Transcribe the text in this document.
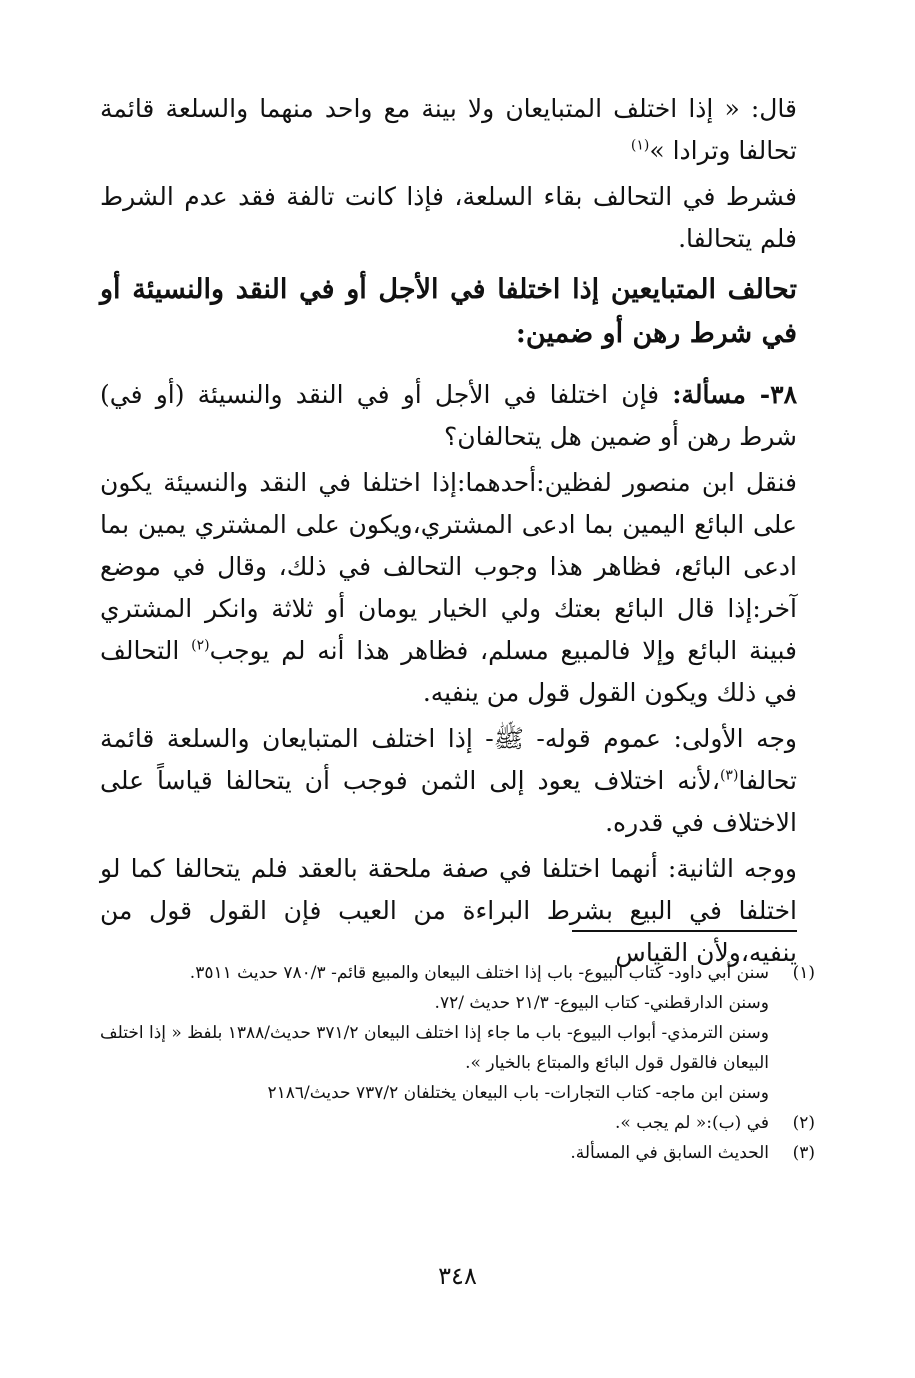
قال: « إذا اختلف المتبايعان ولا بينة مع واحد منهما والسلعة قائمة تحالفا وترادا »$^{(١)}$

فشرط في التحالف بقاء السلعة، فإذا كانت تالفة فقد عدم الشرط فلم يتحالفا.

تحالف المتبايعين إذا اختلفا في الأجل أو في النقد والنسيئة أو في شرط رهن أو ضمين:

٣٨- مسألة: فإن اختلفا في الأجل أو في النقد والنسيئة (أو في) شرط رهن أو ضمين هل يتحالفان؟

فنقل ابن منصور لفظين:أحدهما:إذا اختلفا في النقد والنسيئة يكون على البائع اليمين بما ادعى المشتري،ويكون على المشتري يمين بما ادعى البائع، فظاهر هذا وجوب التحالف في ذلك، وقال في موضع آخر:إذا قال البائع بعتك ولي الخيار يومان أو ثلاثة وانكر المشتري فبينة البائع وإلا فالمبيع مسلم، فظاهر هذا أنه لم يوجب$^{(٢)}$ التحالف في ذلك ويكون القول قول من ينفيه.

وجه الأولى: عموم قوله- ﷺ- إذا اختلف المتبايعان والسلعة قائمة تحالفا$^{(٣)}$،لأنه اختلاف يعود إلى الثمن فوجب أن يتحالفا قياساً على الاختلاف في قدره.

ووجه الثانية: أنهما اختلفا في صفة ملحقة بالعقد فلم يتحالفا كما لو اختلفا في البيع بشرط البراءة من العيب فإن القول قول من ينفيه،ولأن القياس

(١)
سنن أبي داود- كتاب البيوع- باب إذا اختلف البيعان والمبيع قائم- ٧٨٠/٣ حديث ٣٥١١.

وسنن الدارقطني- كتاب البيوع- ٢١/٣ حديث /٧٢.

وسنن الترمذي- أبواب البيوع- باب ما جاء إذا اختلف البيعان ٣٧١/٢ حديث/١٣٨٨ بلفظ « إذا اختلف البيعان فالقول قول البائع والمبتاع بالخيار ».

وسنن ابن ماجه- كتاب التجارات- باب البيعان يختلفان ٧٣٧/٢ حديث/٢١٨٦

(٢)
في (ب):« لم يجب ».
(٣)
الحديث السابق في المسألة.
٣٤٨
